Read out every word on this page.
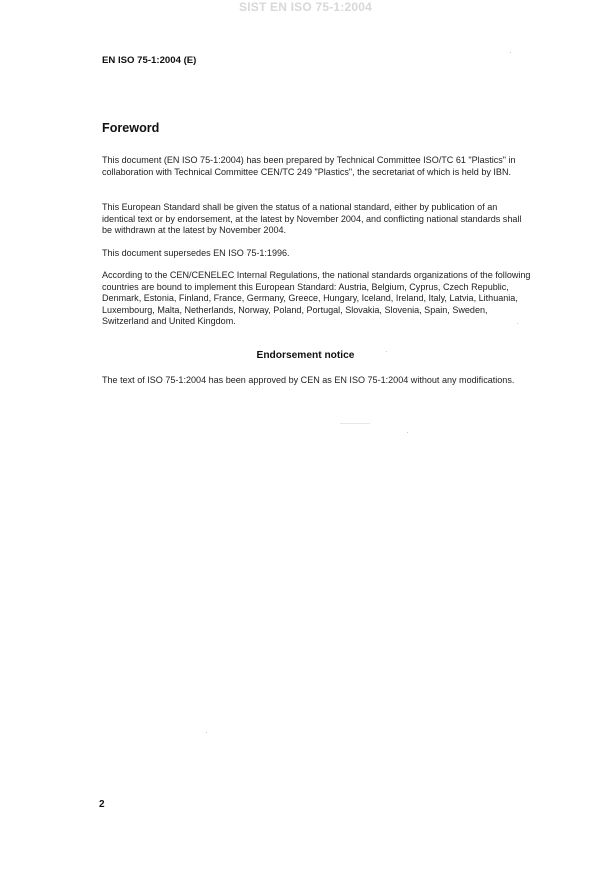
SIST EN ISO 75-1:2004
EN ISO 75-1:2004 (E)
Foreword

This document (EN ISO 75-1:2004) has been prepared by Technical Committee ISO/TC 61 "Plastics" in collaboration with Technical Committee CEN/TC 249 "Plastics", the secretariat of which is held by IBN.

This European Standard shall be given the status of a national standard, either by publication of an identical text or by endorsement, at the latest by November 2004, and conflicting national standards shall be withdrawn at the latest by November 2004.

This document supersedes EN ISO 75-1:1996.

According to the CEN/CENELEC Internal Regulations, the national standards organizations of the following countries are bound to implement this European Standard: Austria, Belgium, Cyprus, Czech Republic, Denmark, Estonia, Finland, France, Germany, Greece, Hungary, Iceland, Ireland, Italy, Latvia, Lithuania, Luxembourg, Malta, Netherlands, Norway, Poland, Portugal, Slovakia, Slovenia, Spain, Sweden, Switzerland and United Kingdom.

Endorsement notice

The text of ISO 75-1:2004 has been approved by CEN as EN ISO 75-1:2004 without any modifications.

2
